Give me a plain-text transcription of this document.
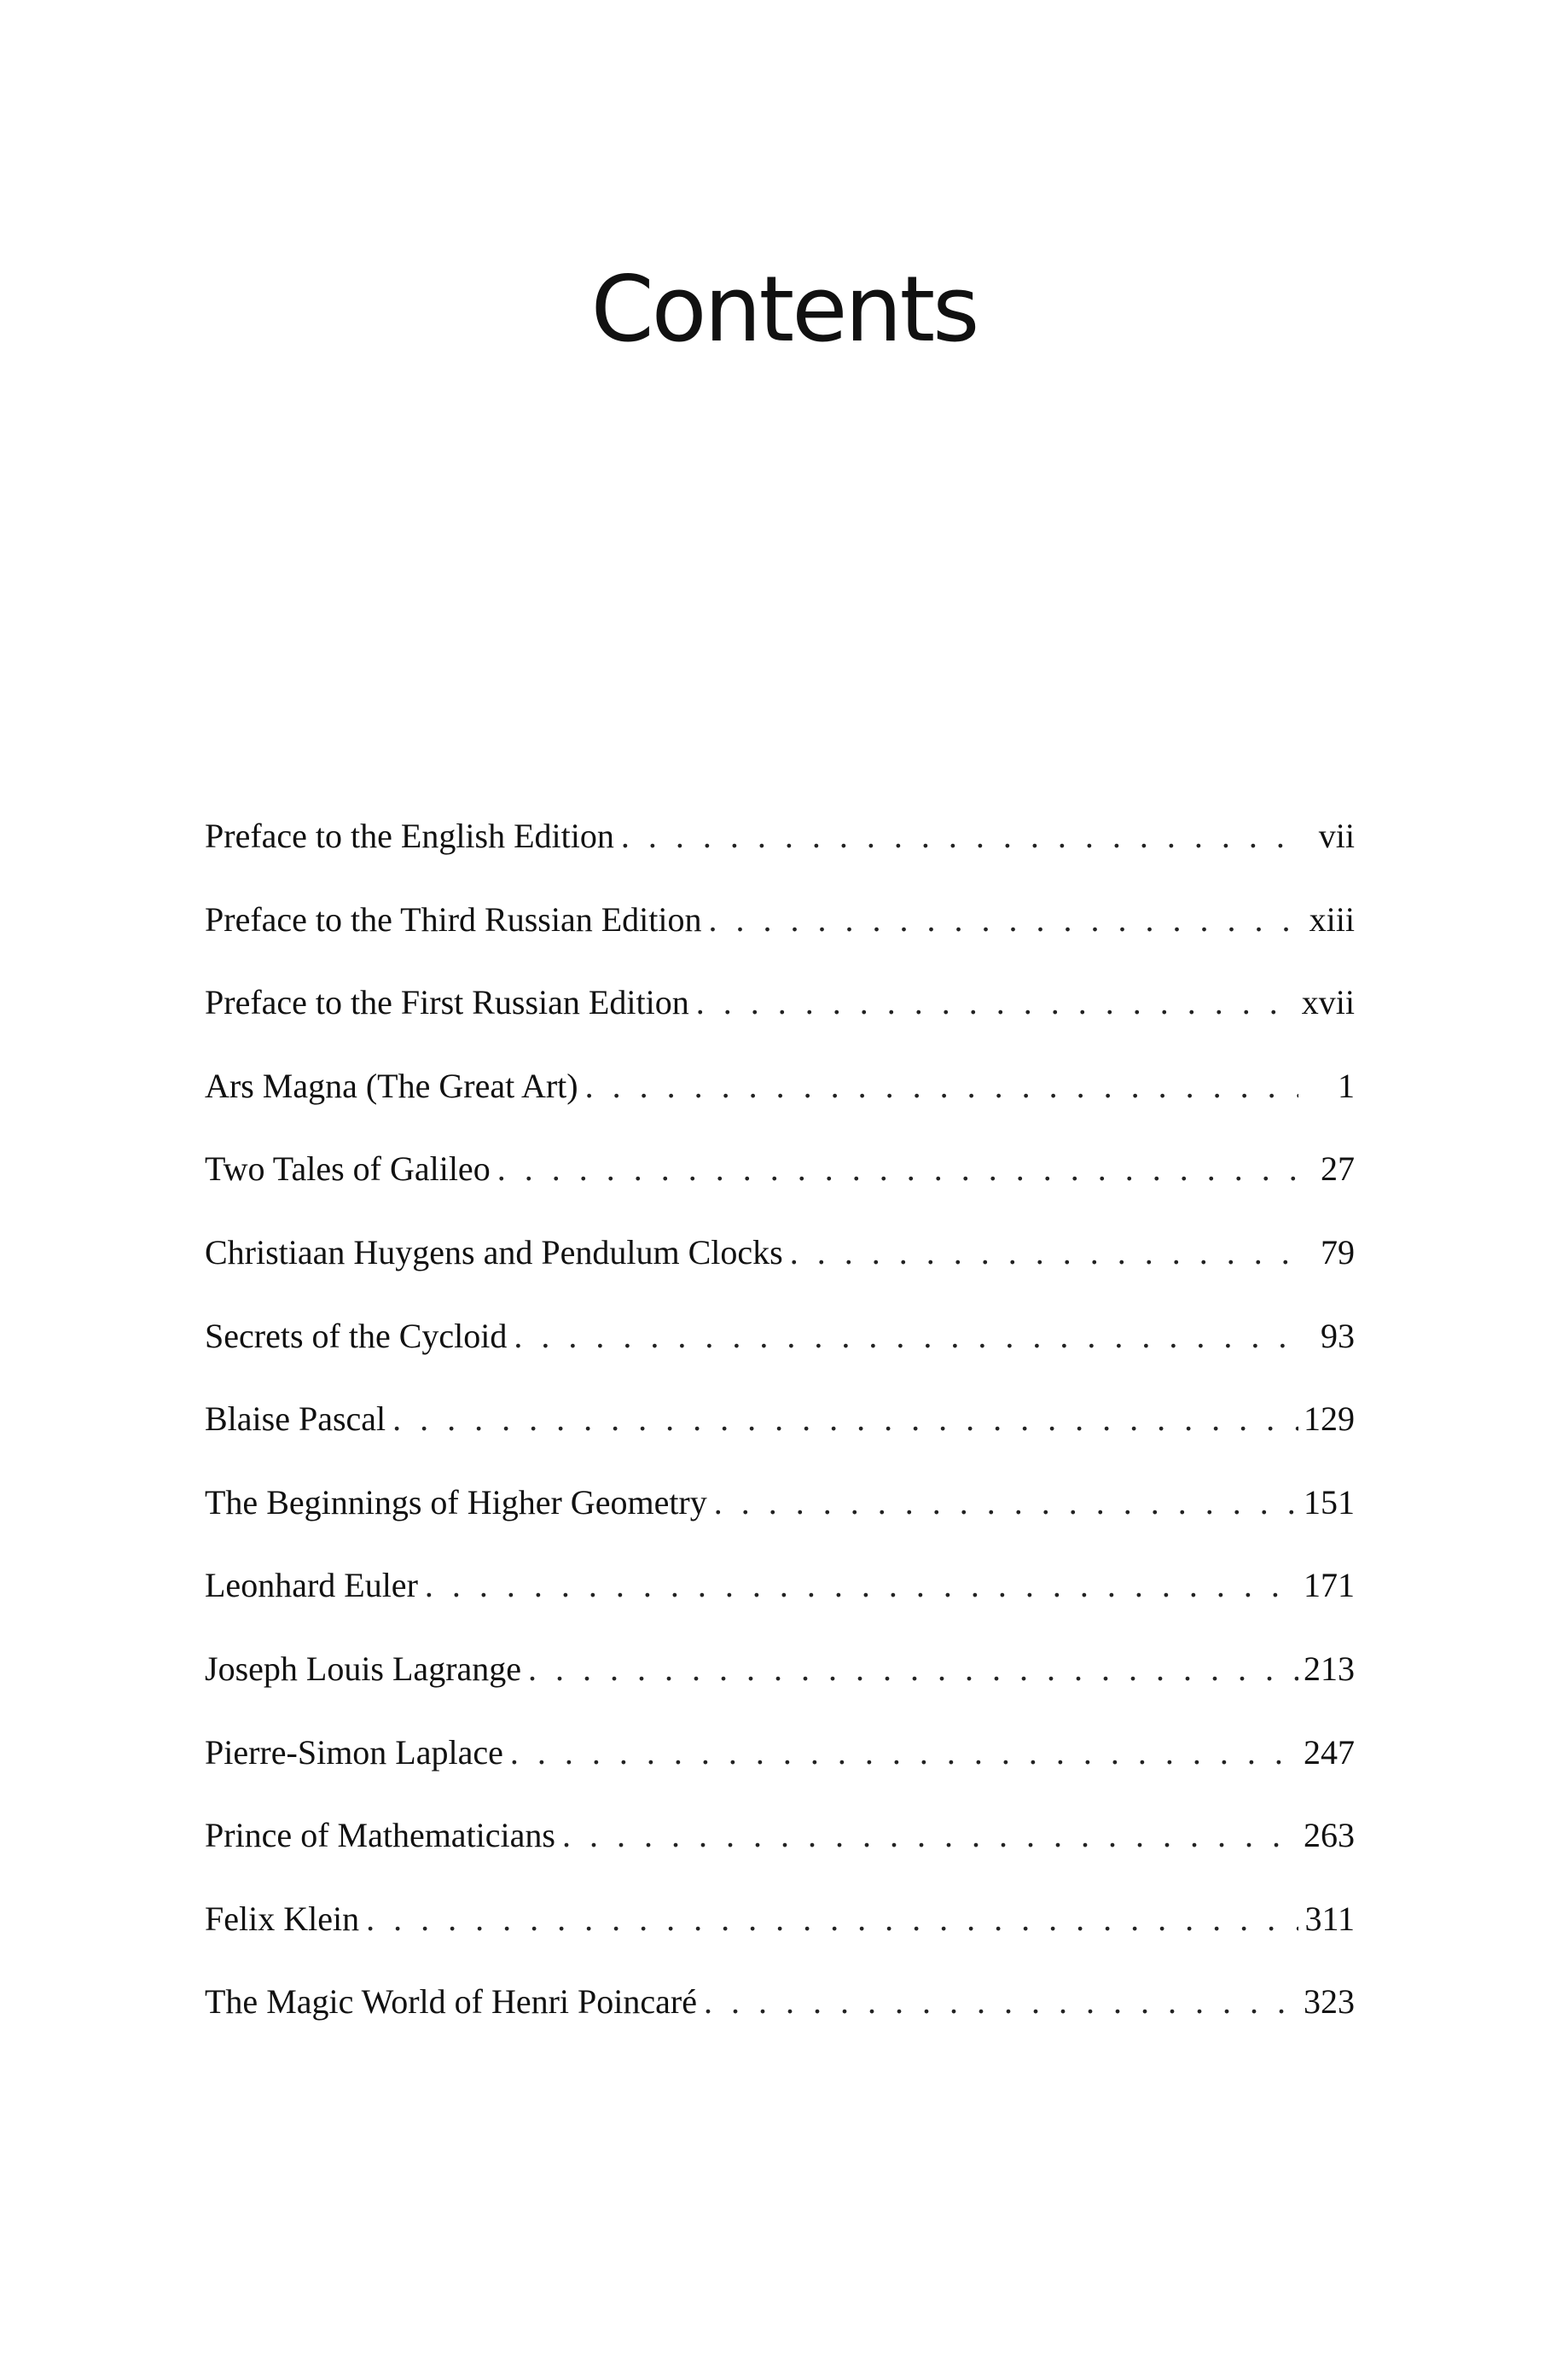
Contents
Preface to the English Edition . . .	vii
Preface to the Third Russian Edition . . .	xiii
Preface to the First Russian Edition . . .	xvii
Ars Magna (The Great Art) . . .	1
Two Tales of Galileo . . .	27
Christiaan Huygens and Pendulum Clocks . . .	79
Secrets of the Cycloid . . .	93
Blaise Pascal . . .	129
The Beginnings of Higher Geometry . . .	151
Leonhard Euler . . .	171
Joseph Louis Lagrange . . .	213
Pierre-Simon Laplace . . .	247
Prince of Mathematicians . . .	263
Felix Klein . . .	311
The Magic World of Henri Poincaré . . .	323
